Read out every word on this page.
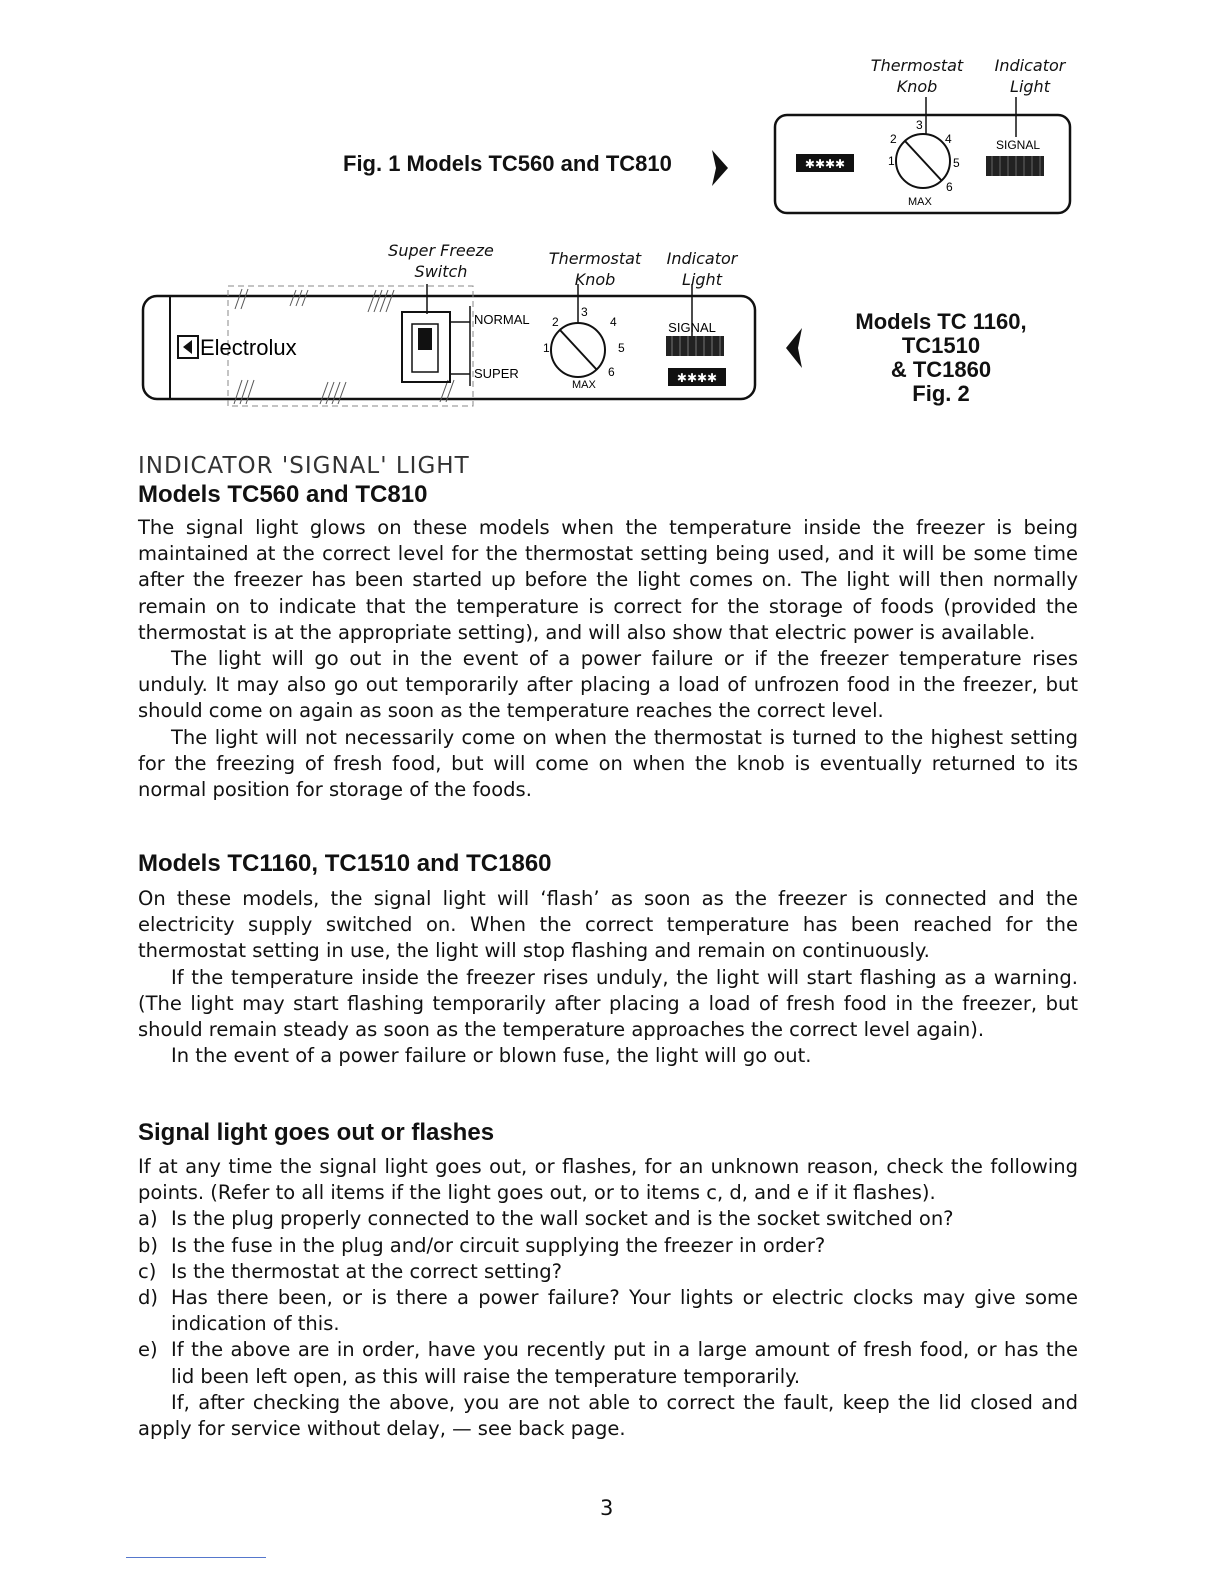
Thermostat
Knob
Indicator
Light
Fig. 1 Models TC560 and TC810	✱✱✱✱	1
2
3
4
5
6
MAX
SIGNAL
Super Freeze
Switch
Thermostat
Knob
Indicator
Light
Electrolux
NORMAL
SUPER
1
2
3
4
5
6
MAX
SIGNAL
✱✱✱✱
Models TC 1160, TC1510
& TC1860
Fig. 2
INDICATOR 'SIGNAL' LIGHT
Models TC560 and TC810

The signal light glows on these models when the temperature inside the freezer is being maintained at the correct level for the thermostat setting being used, and it will be some time after the freezer has been started up before the light comes on. The light will then normally remain on to indicate that the temperature is correct for the storage of foods (provided the thermostat is at the appropriate setting), and will also show that electric power is available.

The light will go out in the event of a power failure or if the freezer temperature rises unduly. It may also go out temporarily after placing a load of unfrozen food in the freezer, but should come on again as soon as the temperature reaches the correct level.

The light will not necessarily come on when the thermostat is turned to the highest setting for the freezing of fresh food, but will come on when the knob is eventually returned to its normal position for storage of the foods.

Models TC1160, TC1510 and TC1860

On these models, the signal light will ‘flash’ as soon as the freezer is connected and the electricity supply switched on. When the correct temperature has been reached for the thermostat setting in use, the light will stop flashing and remain on continuously.

If the temperature inside the freezer rises unduly, the light will start flashing as a warning. (The light may start flashing temporarily after placing a load of fresh food in the freezer, but should remain steady as soon as the temperature approaches the correct level again).

In the event of a power failure or blown fuse, the light will go out.

Signal light goes out or flashes

If at any time the signal light goes out, or flashes, for an unknown reason, check the following points. (Refer to all items if the light goes out, or to items c, d, and e if it flashes).

a) Is the plug properly connected to the wall socket and is the socket switched on?
b) Is the fuse in the plug and/or circuit supplying the freezer in order?
c) Is the thermostat at the correct setting?
d) Has there been, or is there a power failure? Your lights or electric clocks may give some indication of this.
e) If the above are in order, have you recently put in a large amount of fresh food, or has the lid been left open, as this will raise the temperature temporarily.

If, after checking the above, you are not able to correct the fault, keep the lid closed and apply for service without delay, — see back page.

3
